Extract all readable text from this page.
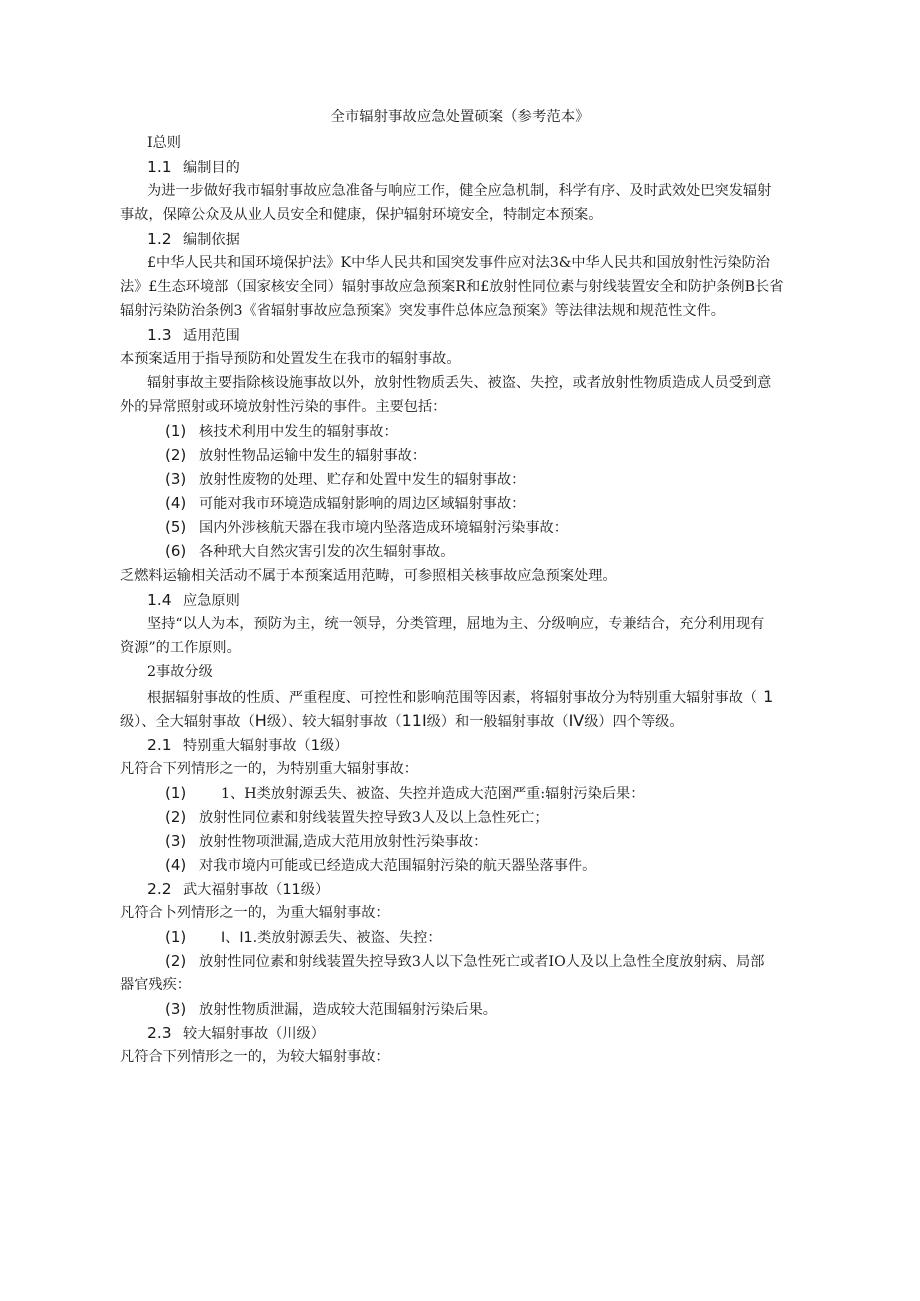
全市辐射事故应急处置硕案（参考范本》
I总则
1.1 编制目的
为进一步做好我市辐射事故应急准备与响应工作，健全应急机制，科学有序、及时武效处巴突发辐射
事故，保障公众及从业人员安全和健康，保护辐射环境安全，特制定本预案。
1.2 编制依据
£中华人民共和国环境保护法》K中华人民共和国突发事件应对法3&中华人民共和国放射性污染防治
法》£生态环境部（国家核安全同）辐射事故应急预案R和£放射性同位素与射线装置安全和防护条例B长省
辐射污染防治条例3《省辐射事故应急预案》突发事件总体应急预案》等法律法规和规范性文件。
1.3 适用范围
本预案适用于指导预防和处置发生在我市的辐射事故。
辐射事故主要指除核设施事故以外，放射性物质丢失、被盗、失控，或者放射性物质造成人员受到意
外的异常照射或环境放射性污染的事件。主要包括：
(1) 核技术利用中发生的辐射事故：
(2) 放射性物品运输中发生的辐射事故：
(3) 放射性废物的处理、贮存和处置中发生的辐射事故：
(4) 可能对我市环境造成辐射影响的周边区域辐射事故：
(5) 国内外涉核航天器在我市境内坠落造成环境辐射污染事故：
(6) 各种玳大自然灾害引发的次生辐射事故。
乏燃料运输相关活动不属于本预案适用范畴，可参照相关核事故应急预案处理。
1.4 应急原则
坚持“以人为本，预防为主，统一领导，分类管理，屈地为主、分级响应，专兼结合，充分利用现有
资源”的工作原则。
2事故分级
根据辐射事故的性质、严重程度、可控性和影响范围等因素，将辐射事故分为特别重大辐射事故（ 1
级）、全大辐射事故（H级）、较大辐射事故（11I级）和一般辐射事故（IV级）四个等级。
2.1 特别重大辐射事故（1级）
凡符合下列情形之一的，为特别重大辐射事故：
(1) 1、H类放射源丢失、被盗、失控并造成大范圉严重:辐射污染后果：
(2) 放射性同位素和射线装置失控导致3人及以上急性死亡；
(3) 放射性物项泄漏,造成大范用放射性污染事故：
(4) 对我市境内可能或已经造成大范围辐射污染的航天器坠落事件。
2.2 武大福射事故（11级）
凡符合卜列情形之一的，为重大辐射事故：
(1) I、I1.类放射源丢失、被盗、失控：
(2) 放射性同位素和射线装置失控导致3人以下急性死亡或者IO人及以上急性全度放射病、局部
器官残疾：
(3) 放射性物质泄漏，造成较大范围辐射污染后果。
2.3 较大辐射事故（川级）
凡符合下列情形之一的，为较大辐射事故：
